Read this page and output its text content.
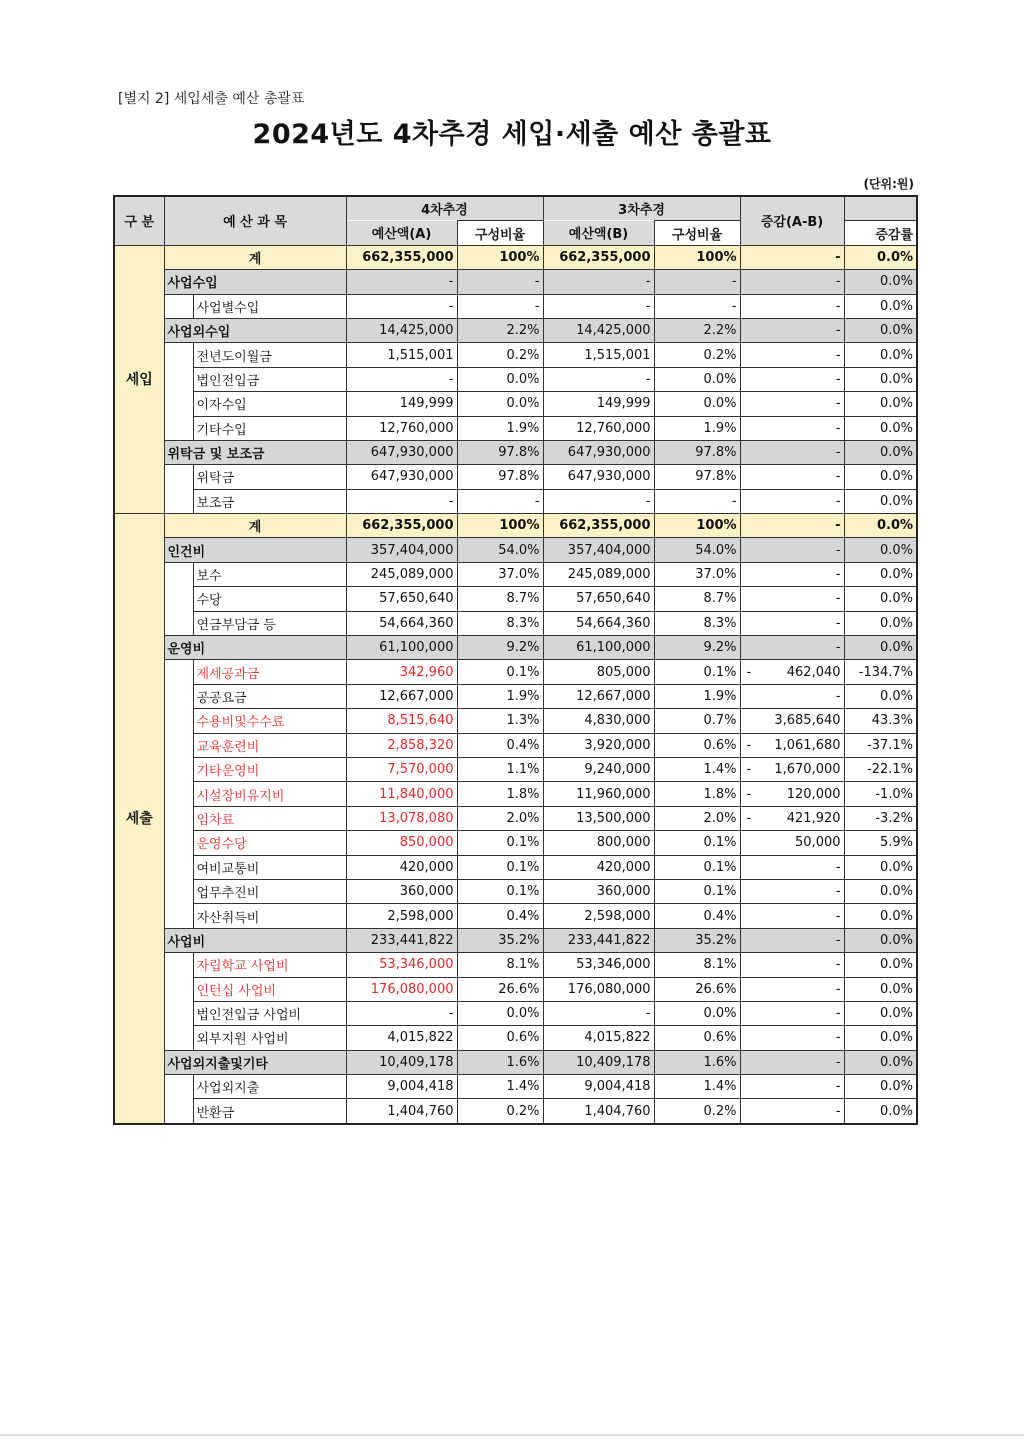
[별지 2] 세입세출 예산 총괄표
2024년도 4차추경 세입·세출 예산 총괄표
(단위:원)
구 분	예 산 과 목		4차추경		3차추경		증감(A-B)	
			예산액(A)	구성비율	예산액(B)	구성비율		증감률
세입	계		662,355,000	100%	662,355,000	100%	-	0.0%
	사업수입		-	-	-	-	-	0.0%
		사업별수입	-	-	-	-	-	0.0%
	사업외수입		14,425,000	2.2%	14,425,000	2.2%	-	0.0%
		전년도이월금	1,515,001	0.2%	1,515,001	0.2%	-	0.0%
		법인전입금	-	0.0%	-	0.0%	-	0.0%
		이자수입	149,999	0.0%	149,999	0.0%	-	0.0%
		기타수입	12,760,000	1.9%	12,760,000	1.9%	-	0.0%
	위탁금 및 보조금		647,930,000	97.8%	647,930,000	97.8%	-	0.0%
		위탁금	647,930,000	97.8%	647,930,000	97.8%	-	0.0%
		보조금	-	-	-	-	-	0.0%
세출	계		662,355,000	100%	662,355,000	100%	-	0.0%
	인건비		357,404,000	54.0%	357,404,000	54.0%	-	0.0%
		보수	245,089,000	37.0%	245,089,000	37.0%	-	0.0%
		수당	57,650,640	8.7%	57,650,640	8.7%	-	0.0%
		연금부담금 등	54,664,360	8.3%	54,664,360	8.3%	-	0.0%
	운영비		61,100,000	9.2%	61,100,000	9.2%	-	0.0%
		제세공과금	342,960	0.1%	805,000	0.1%	- 462,040	-134.7%
		공공요금	12,667,000	1.9%	12,667,000	1.9%	-	0.0%
		수용비및수수료	8,515,640	1.3%	4,830,000	0.7%	3,685,640	43.3%
		교육훈련비	2,858,320	0.4%	3,920,000	0.6%	- 1,061,680	-37.1%
		기타운영비	7,570,000	1.1%	9,240,000	1.4%	- 1,670,000	-22.1%
		시설장비유지비	11,840,000	1.8%	11,960,000	1.8%	- 120,000	-1.0%
		임차료	13,078,080	2.0%	13,500,000	2.0%	- 421,920	-3.2%
		운영수당	850,000	0.1%	800,000	0.1%	50,000	5.9%
		여비교통비	420,000	0.1%	420,000	0.1%	-	0.0%
		업무추진비	360,000	0.1%	360,000	0.1%	-	0.0%
		자산취득비	2,598,000	0.4%	2,598,000	0.4%	-	0.0%
	사업비		233,441,822	35.2%	233,441,822	35.2%	-	0.0%
		자립학교 사업비	53,346,000	8.1%	53,346,000	8.1%	-	0.0%
		인턴십 사업비	176,080,000	26.6%	176,080,000	26.6%	-	0.0%
		법인전입금 사업비	-	0.0%	-	0.0%	-	0.0%
		외부지원 사업비	4,015,822	0.6%	4,015,822	0.6%	-	0.0%
	사업외지출및기타		10,409,178	1.6%	10,409,178	1.6%	-	0.0%
		사업외지출	9,004,418	1.4%	9,004,418	1.4%	-	0.0%
		반환금	1,404,760	0.2%	1,404,760	0.2%	-	0.0%
